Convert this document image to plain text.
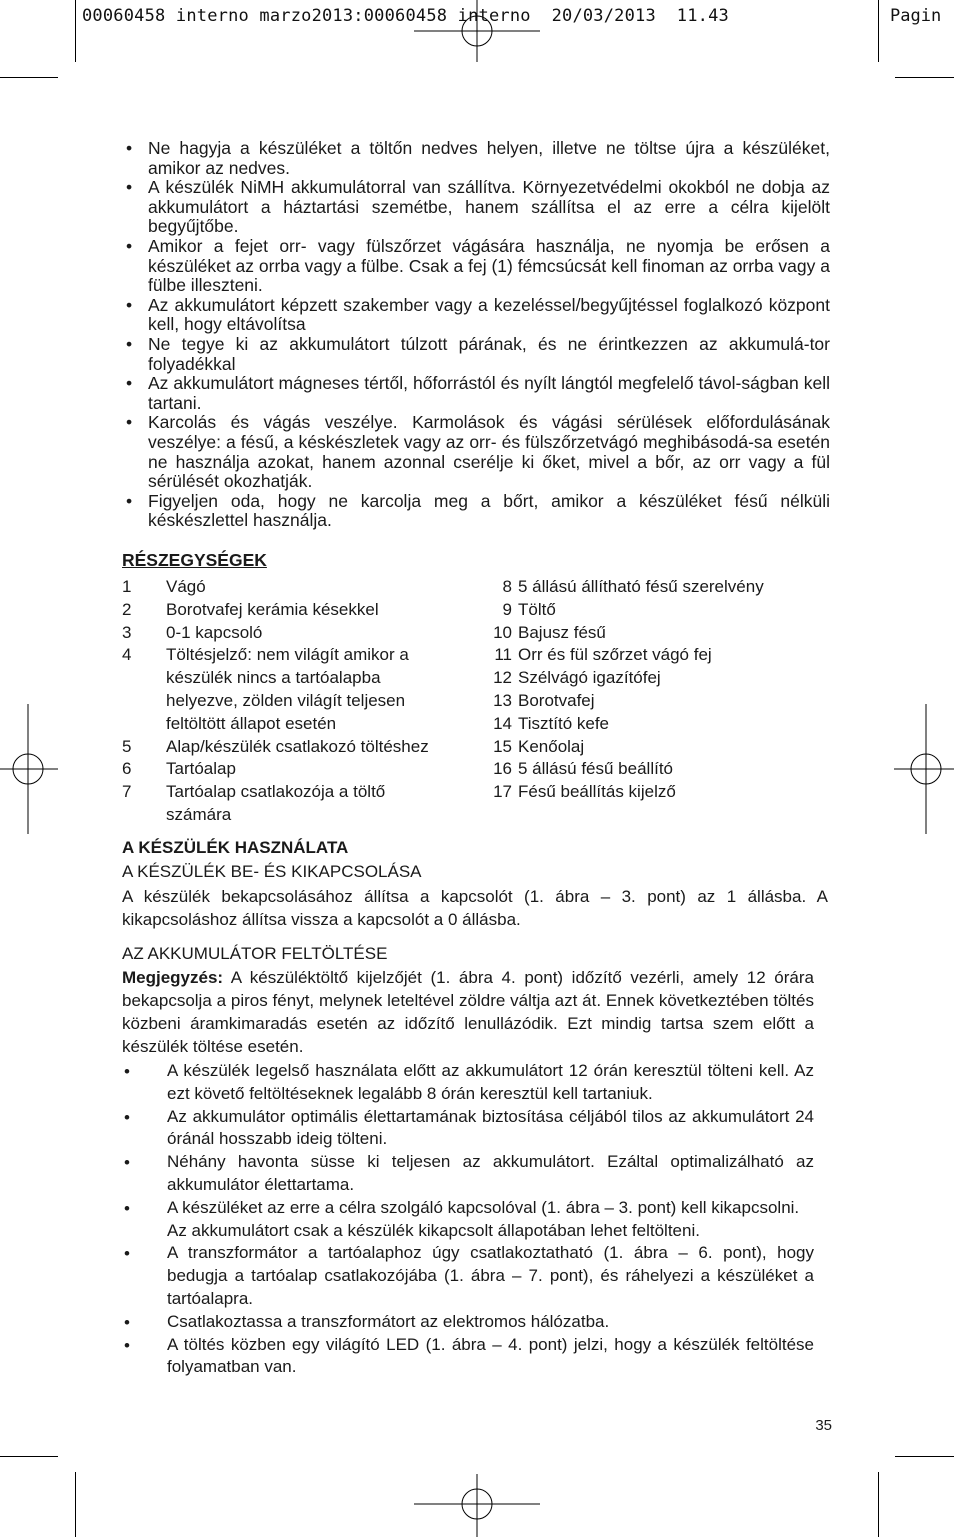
00060458 interno marzo2013:00060458 interno  20/03/2013  11.43	Pagin
• Ne hagyja a készüléket a töltőn nedves helyen, illetve ne töltse újra a készüléket, amikor az nedves.
• A készülék NiMH akkumulátorral van szállítva. Környezetvédelmi okokból ne dobja az akkumulátort a háztartási szemétbe, hanem szállítsa el az erre a célra kijelölt begyűjtőbe.
• Amikor a fejet orr- vagy fülszőrzet vágására használja, ne nyomja be erősen a készüléket az orrba vagy a fülbe. Csak a fej (1) fémcsúcsát kell finoman az orrba vagy a fülbe illeszteni.
• Az akkumulátort képzett szakember vagy a kezeléssel/begyűjtéssel foglalkozó központ kell, hogy eltávolítsa
• Ne tegye ki az akkumulátort túlzott párának, és ne érintkezzen az akkumulá-tor folyadékkal
• Az akkumulátort mágneses tértől, hőforrástól és nyílt lángtól megfelelő távol-ságban kell tartani.
• Karcolás és vágás veszélye. Karmolások és vágási sérülések előfordulásának veszélye: a fésű, a késkészletek vagy az orr- és fülszőrzetvágó meghibásodá-sa esetén ne használja azokat, hanem azonnal cserélje ki őket, mivel a bőr, az orr vagy a fül sérülését okozhatják.
• Figyeljen oda, hogy ne karcolja meg a bőrt, amikor a készüléket fésű nélküli késkészlettel használja.
RÉSZEGYSÉGEK
1	Vágó
2	Borotvafej kerámia késekkel
3	0-1 kapcsoló
4	Töltésjelző: nem világít amikor a
készülék nincs a tartóalapba
helyezve, zölden világít teljesen
feltöltött állapot esetén
5	Alap/készülék csatlakozó töltéshez
6	Tartóalap
7	Tartóalap csatlakozója a töltő
számára
8 5 állású állítható fésű szerelvény
9 Töltő
10 Bajusz fésű
11 Orr és fül szőrzet vágó fej
12 Szélvágó igazítófej
13 Borotvafej
14 Tisztító kefe
15 Kenőolaj
16 5 állású fésű beállító
17 Fésű beállítás kijelző
A KÉSZÜLÉK HASZNÁLATA
A KÉSZÜLÉK BE- ÉS KIKAPCSOLÁSA
A készülék bekapcsolásához állítsa a kapcsolót (1. ábra – 3. pont) az 1 állásba. A kikapcsoláshoz állítsa vissza a kapcsolót a 0 állásba.
AZ AKKUMULÁTOR FELTÖLTÉSE
Megjegyzés: A készüléktöltő kijelzőjét (1. ábra 4. pont) időzítő vezérli, amely 12 órára bekapcsolja a piros fényt, melynek leteltével zöldre váltja azt át. Ennek következtében töltés közbeni áramkimaradás esetén az időzítő lenullázódik. Ezt mindig tartsa szem előtt a készülék töltése esetén.
• A készülék legelső használata előtt az akkumulátort 12 órán keresztül tölteni kell. Az ezt követő feltöltéseknek legalább 8 órán keresztül kell tartaniuk.
• Az akkumulátor optimális élettartamának biztosítása céljából tilos az akkumulátort 24 óránál hosszabb ideig tölteni.
• Néhány havonta süsse ki teljesen az akkumulátort. Ezáltal optimalizálható az akkumulátor élettartama.
• A készüléket az erre a célra szolgáló kapcsolóval (1. ábra – 3. pont) kell kikapcsolni.
Az akkumulátort csak a készülék kikapcsolt állapotában lehet feltölteni.
• A transzformátor a tartóalaphoz úgy csatlakoztatható (1. ábra – 6. pont), hogy bedugja a tartóalap csatlakozójába (1. ábra – 7. pont), és ráhelyezi a készüléket a tartóalapra.
• Csatlakoztassa a transzformátort az elektromos hálózatba.
• A töltés közben egy világító LED (1. ábra – 4. pont) jelzi, hogy a készülék feltöltése folyamatban van.
35
